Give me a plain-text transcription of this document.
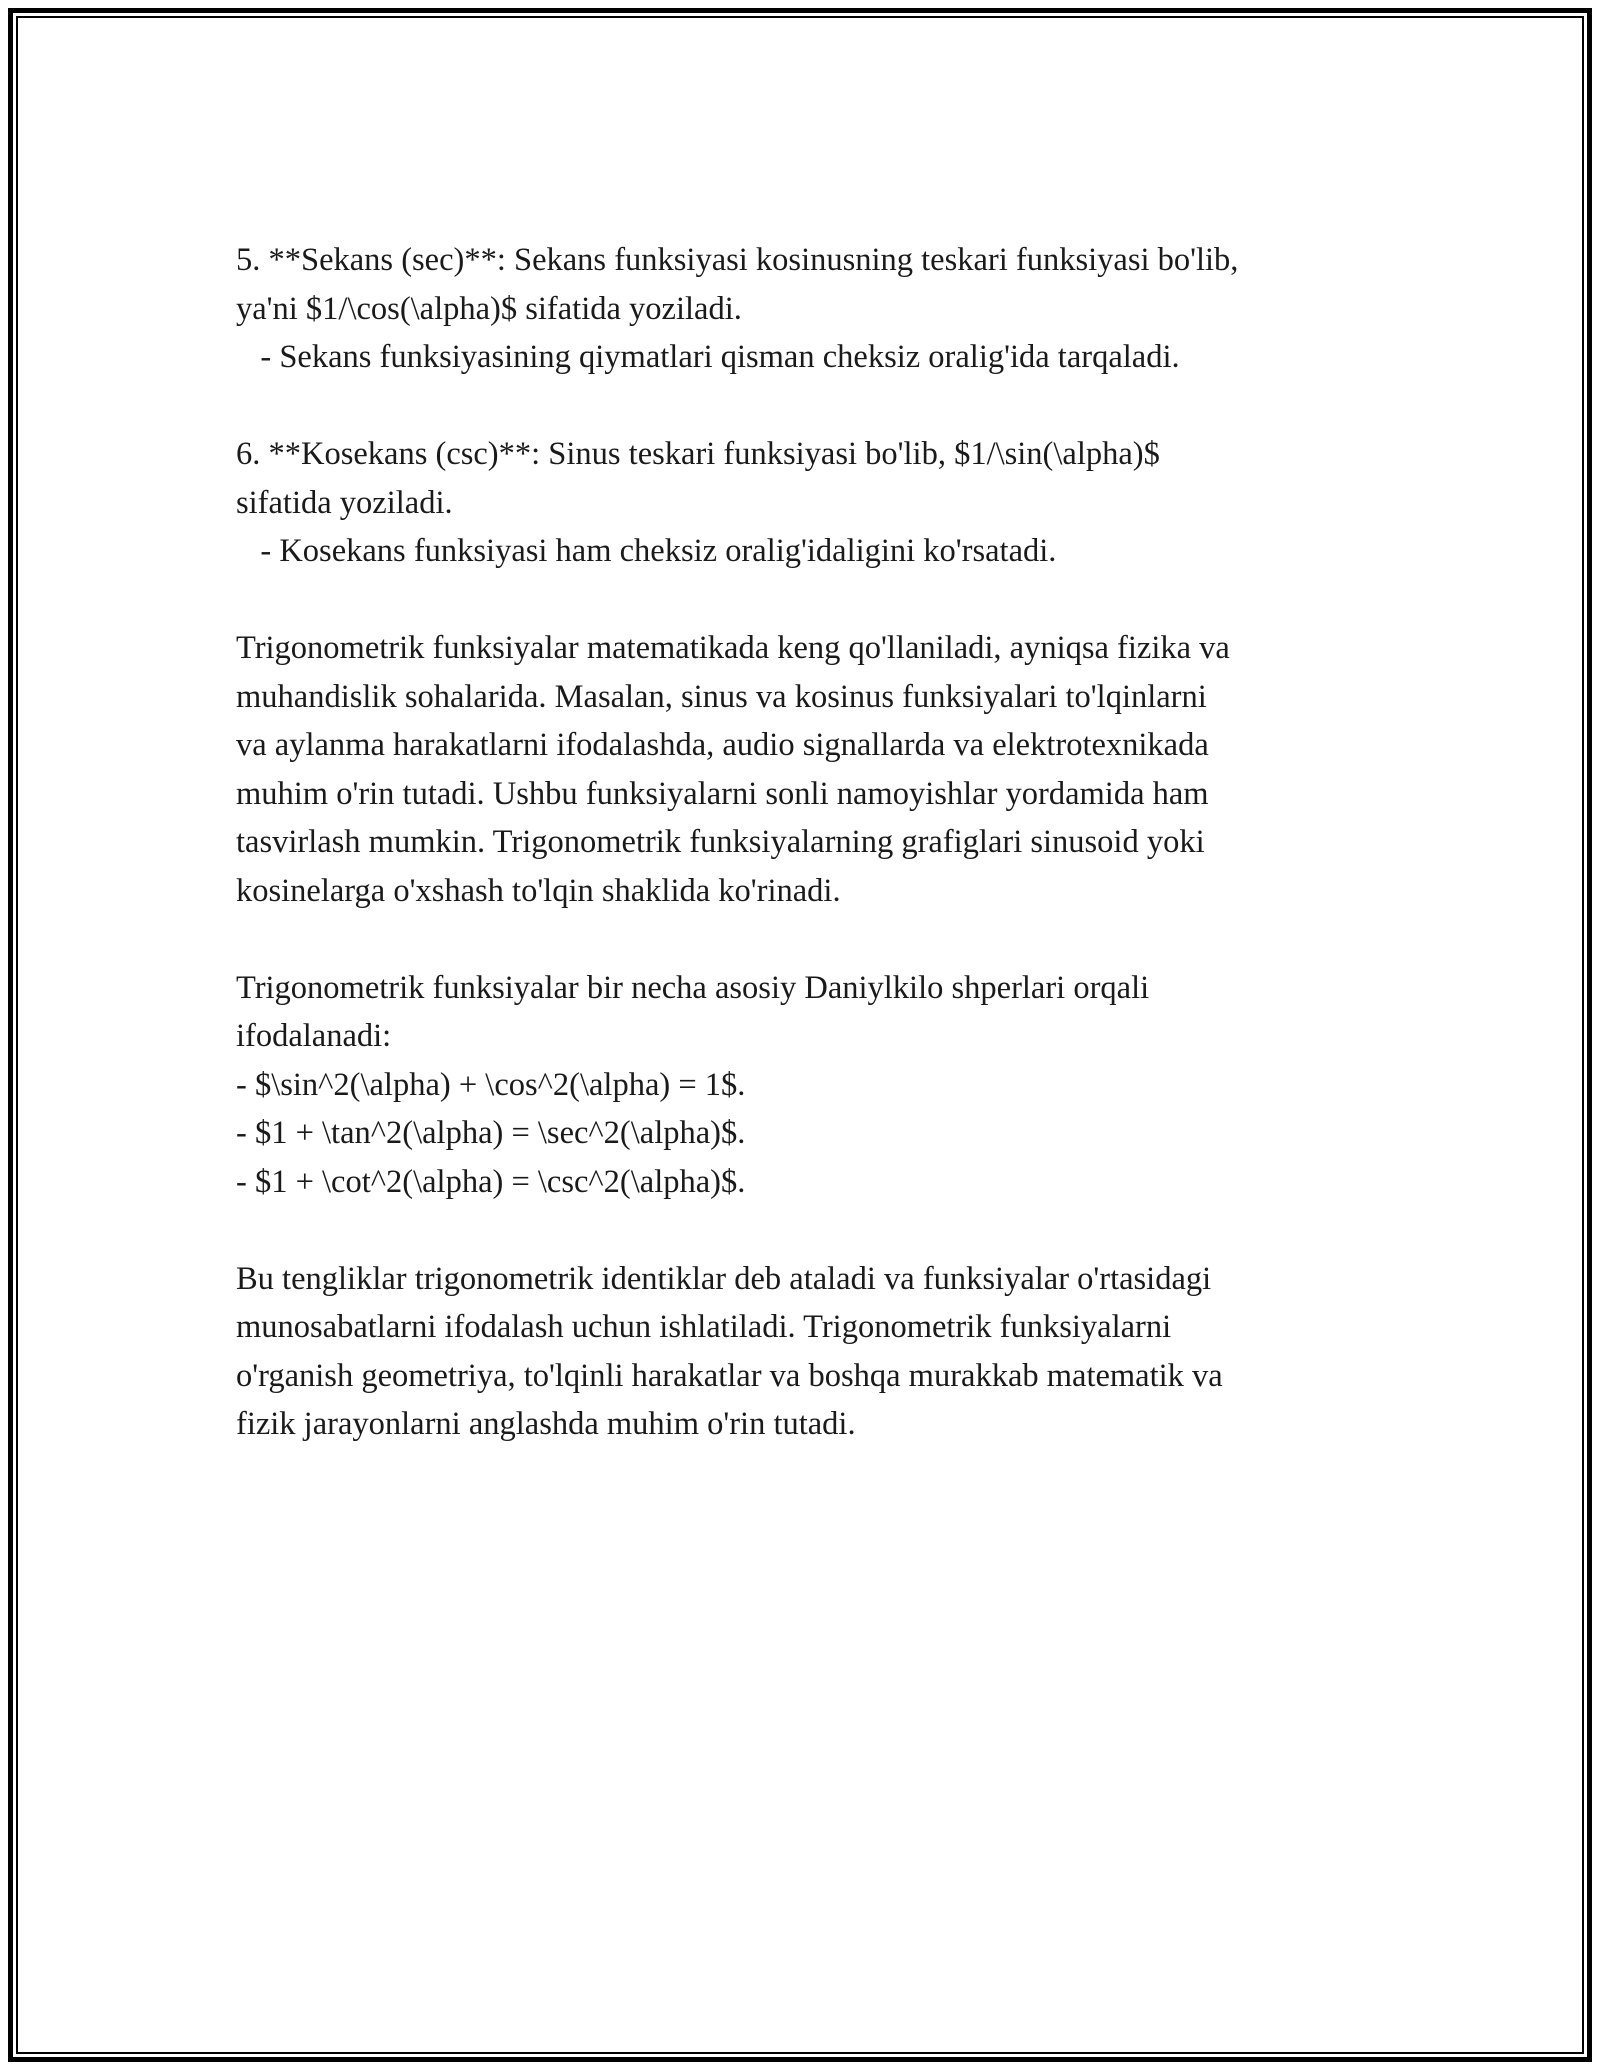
5. **Sekans (sec)**: Sekans funksiyasi kosinusning teskari funksiyasi bo'lib,
ya'ni $1/\cos(\alpha)$ sifatida yoziladi.
- Sekans funksiyasining qiymatlari qisman cheksiz oralig'ida tarqaladi.

6. **Kosekans (csc)**: Sinus teskari funksiyasi bo'lib, $1/\sin(\alpha)$
sifatida yoziladi.
- Kosekans funksiyasi ham cheksiz oralig'idaligini ko'rsatadi.

Trigonometrik funksiyalar matematikada keng qo'llaniladi, ayniqsa fizika va
muhandislik sohalarida. Masalan, sinus va kosinus funksiyalari to'lqinlarni
va aylanma harakatlarni ifodalashda, audio signallarda va elektrotexnikada
muhim o'rin tutadi. Ushbu funksiyalarni sonli namoyishlar yordamida ham
tasvirlash mumkin. Trigonometrik funksiyalarning grafiglari sinusoid yoki
kosinelarga o'xshash to'lqin shaklida ko'rinadi.

Trigonometrik funksiyalar bir necha asosiy Daniylkilo shperlari orqali
ifodalanadi:
- $\sin^2(\alpha) + \cos^2(\alpha) = 1$.
- $1 + \tan^2(\alpha) = \sec^2(\alpha)$.
- $1 + \cot^2(\alpha) = \csc^2(\alpha)$.

Bu tengliklar trigonometrik identiklar deb ataladi va funksiyalar o'rtasidagi
munosabatlarni ifodalash uchun ishlatiladi. Trigonometrik funksiyalarni
o'rganish geometriya, to'lqinli harakatlar va boshqa murakkab matematik va
fizik jarayonlarni anglashda muhim o'rin tutadi.
